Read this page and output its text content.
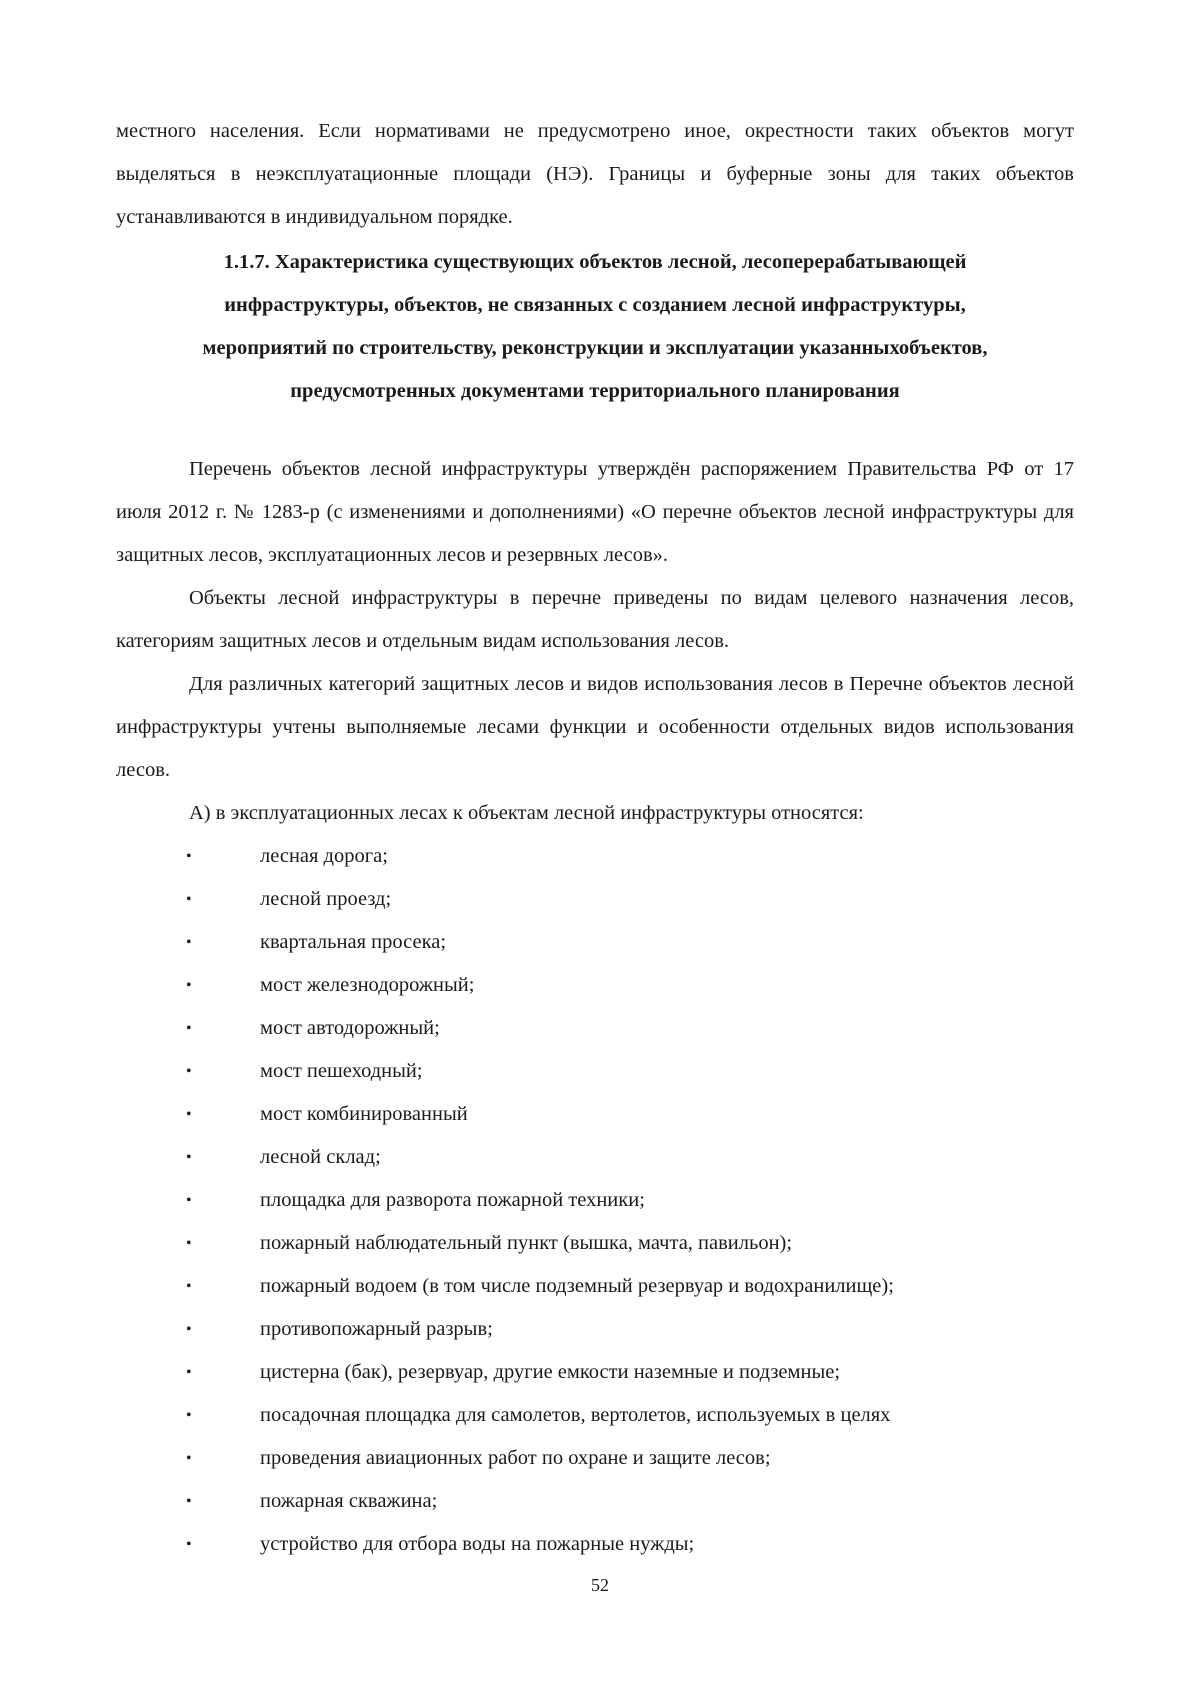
местного населения. Если нормативами не предусмотрено иное, окрестности таких объектов могут выделяться в неэксплуатационные площади (НЭ). Границы и буферные зоны для таких объектов устанавливаются в индивидуальном порядке.

1.1.7. Характеристика существующих объектов лесной, лесоперерабатывающей

инфраструктуры, объектов, не связанных с созданием лесной инфраструктуры,

мероприятий по строительству, реконструкции и эксплуатации указанныхобъектов,

предусмотренных документами территориального планирования

Перечень объектов лесной инфраструктуры утверждён распоряжением Правительства РФ от 17 июля 2012 г. № 1283-р (с изменениями и дополнениями) «О перечне объектов лесной инфраструктуры для защитных лесов, эксплуатационных лесов и резервных лесов».

Объекты лесной инфраструктуры в перечне приведены по видам целевого назначения лесов, категориям защитных лесов и отдельным видам использования лесов.

Для различных категорий защитных лесов и видов использования лесов в Перечне объектов лесной инфраструктуры учтены выполняемые лесами функции и особенности отдельных видов использования лесов.

А) в эксплуатационных лесах к объектам лесной инфраструктуры относятся:

•	лесная дорога;
•	лесной проезд;
•	квартальная просека;
•	мост железнодорожный;
•	мост автодорожный;
•	мост пешеходный;
•	мост комбинированный
•	лесной склад;
•	площадка для разворота пожарной техники;
•	пожарный наблюдательный пункт (вышка, мачта, павильон);
•	пожарный водоем (в том числе подземный резервуар и водохранилище);
•	противопожарный разрыв;
•	цистерна (бак), резервуар, другие емкости наземные и подземные;
•	посадочная площадка для самолетов, вертолетов, используемых в целях
•	проведения авиационных работ по охране и защите лесов;
•	пожарная скважина;
•	устройство для отбора воды на пожарные нужды;
52
